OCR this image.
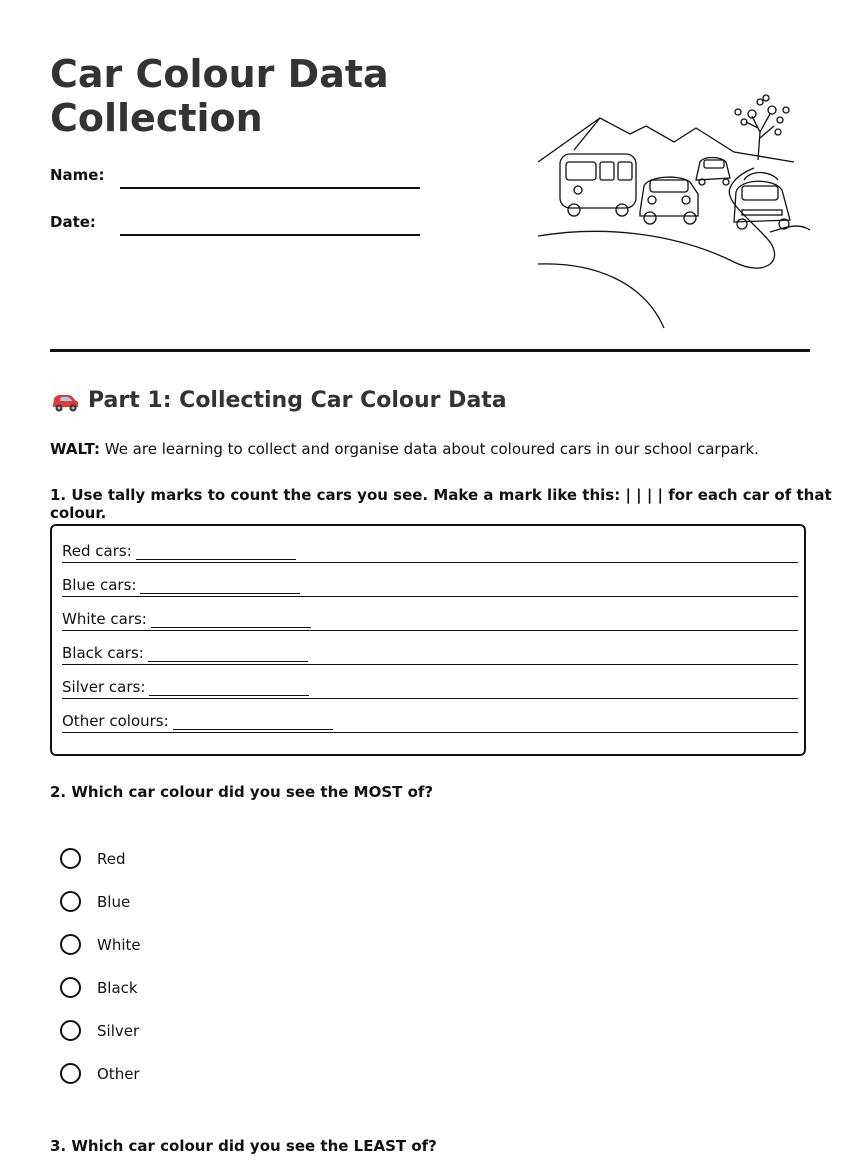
Car Colour Data
Collection
Name:
Date:
Part 1: Collecting Car Colour Data
WALT: We are learning to collect and organise data about coloured cars in our school carpark.
1. Use tally marks to count the cars you see. Make a mark like this: | | | | for each car of that colour.
Red cars:
Blue cars:
White cars:
Black cars:
Silver cars:
Other colours:
2. Which car colour did you see the MOST of?
Red
Blue
White
Black
Silver
Other
3. Which car colour did you see the LEAST of?
